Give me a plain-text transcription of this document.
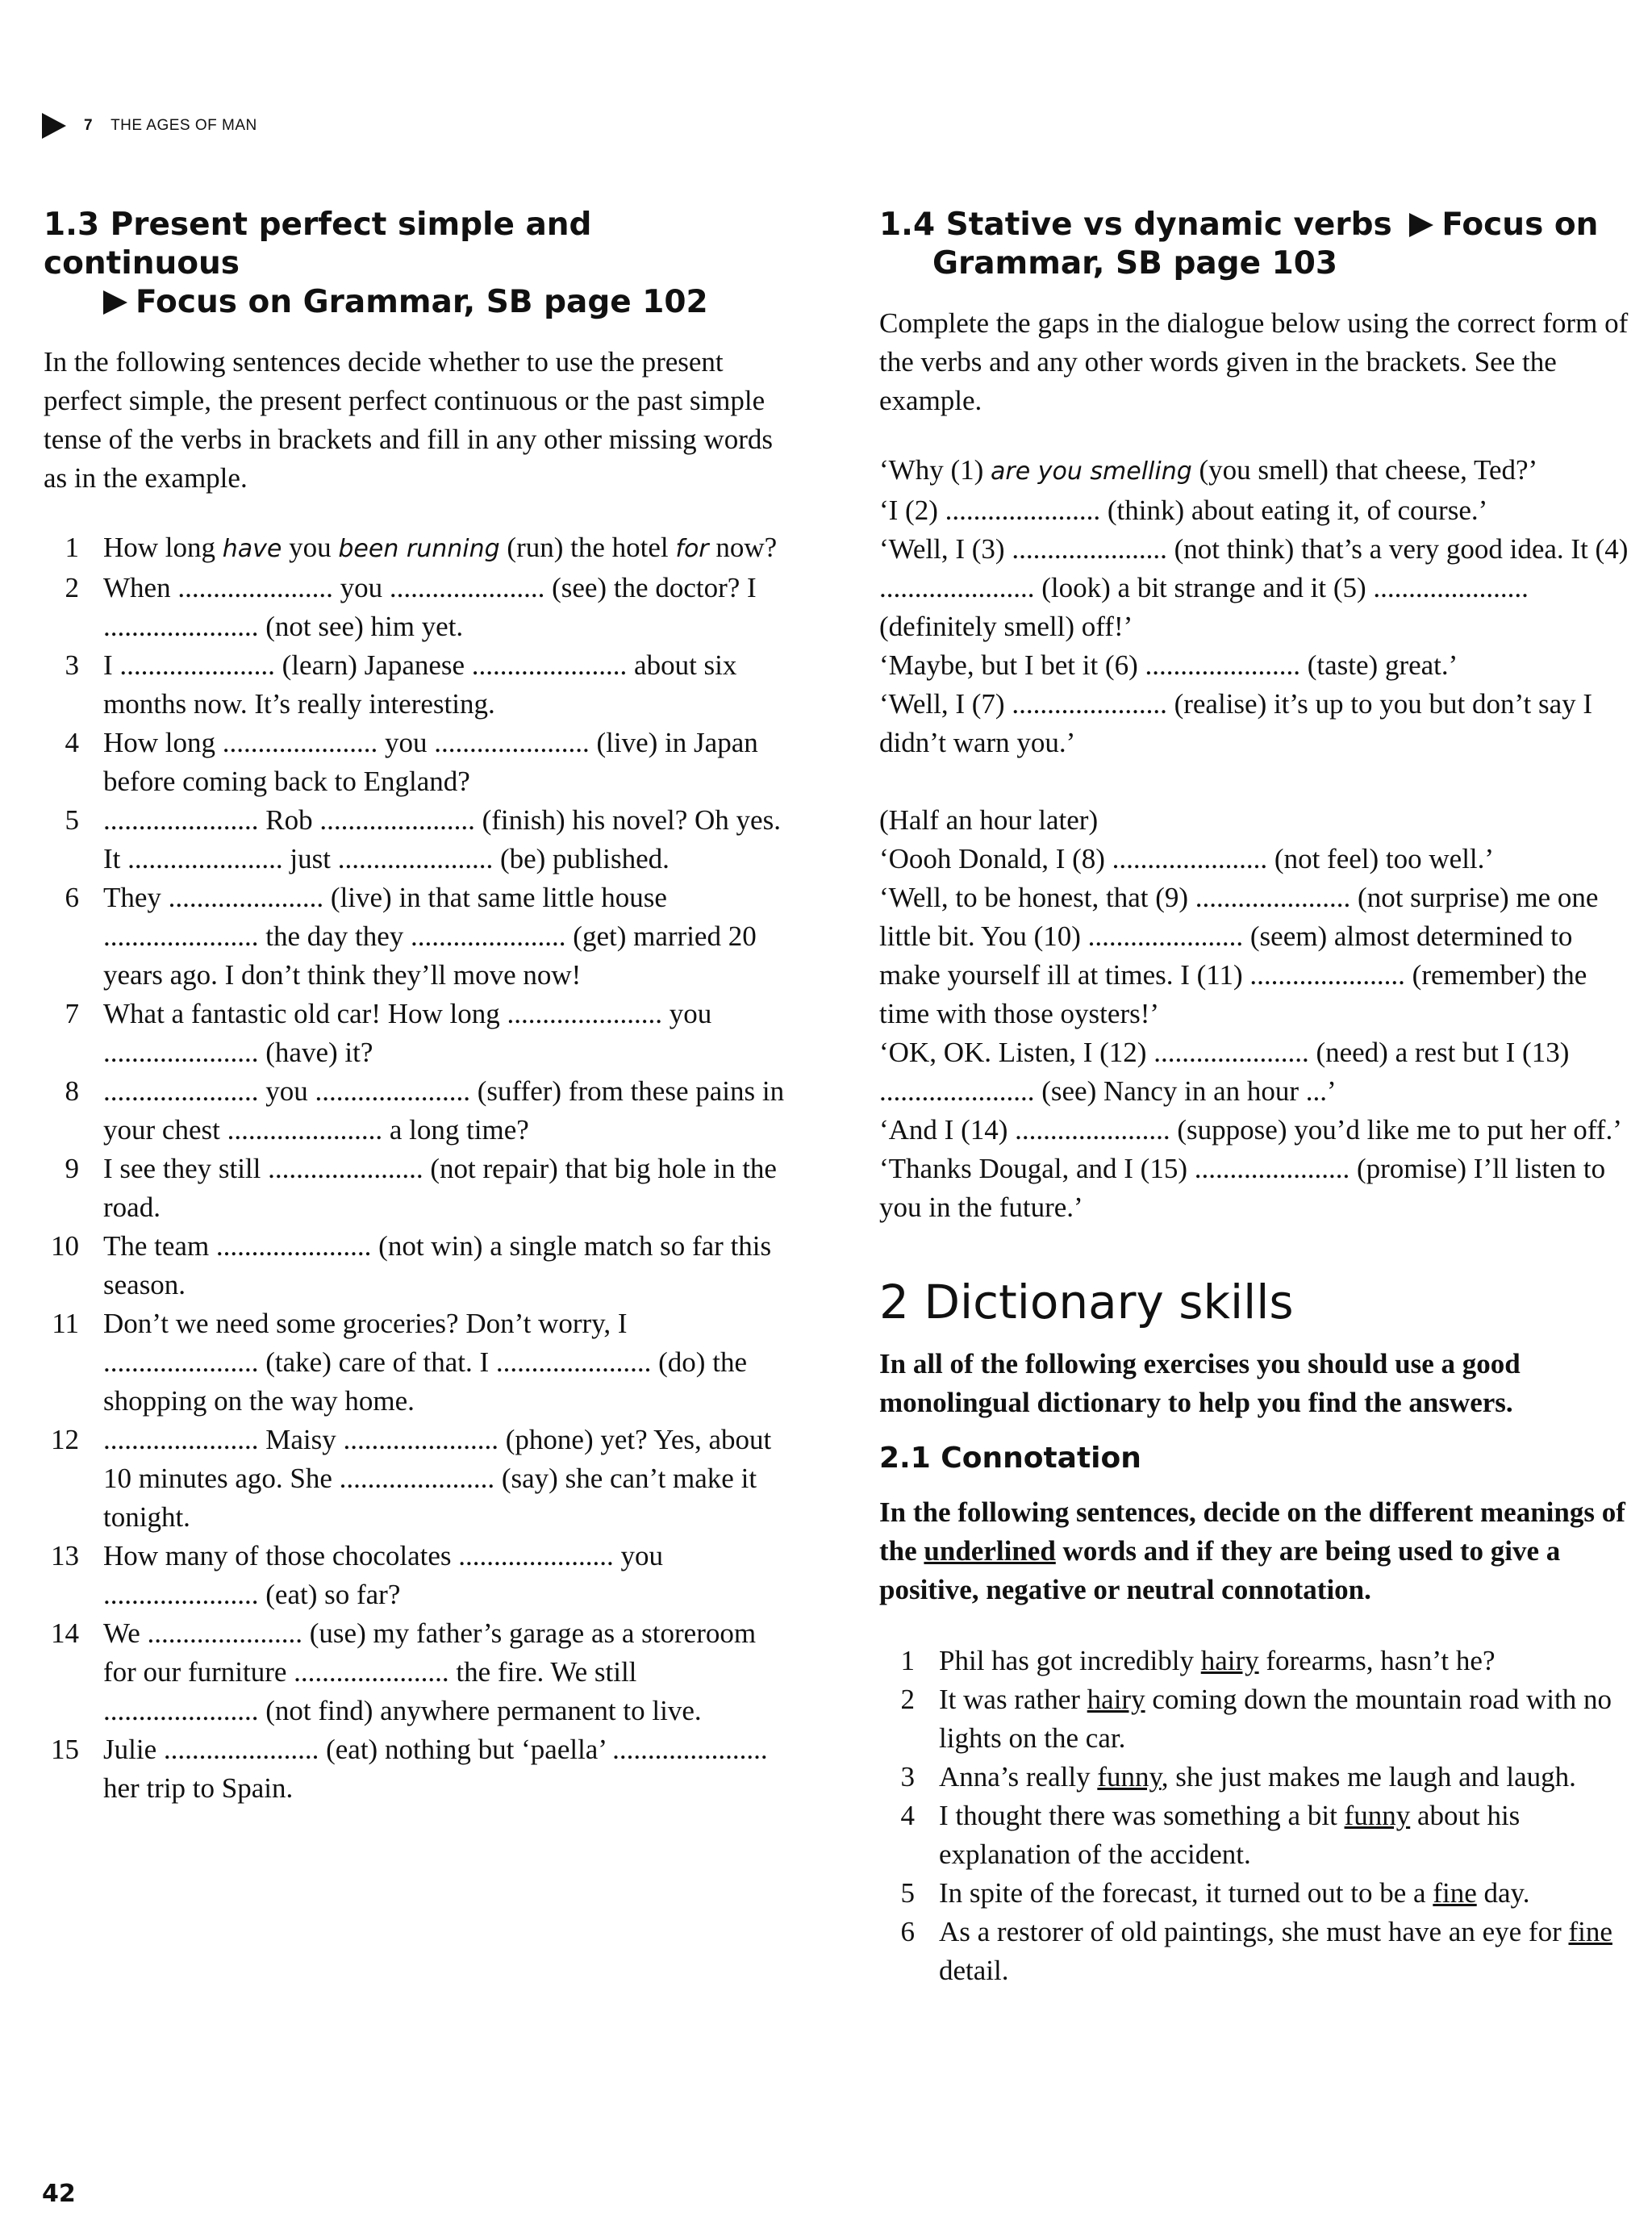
7 THE AGES OF MAN
1.3 Present perfect simple and continuous
Focus on Grammar, SB page 102

In the following sentences decide whether to use the present perfect simple, the present perfect continuous or the past simple tense of the verbs in brackets and fill in any other missing words as in the example.

1 How long have you been running (run) the hotel for now?
2 When ...................... you ...................... (see) the doctor? I ...................... (not see) him yet.
3 I ...................... (learn) Japanese ...................... about six months now. It’s really interesting.
4 How long ...................... you ...................... (live) in Japan before coming back to England?
5 ...................... Rob ...................... (finish) his novel? Oh yes. It ...................... just ...................... (be) published.
6 They ...................... (live) in that same little house ...................... the day they ...................... (get) married 20 years ago. I don’t think they’ll move now!
7 What a fantastic old car! How long ...................... you ...................... (have) it?
8 ...................... you ...................... (suffer) from these pains in your chest ...................... a long time?
9 I see they still ...................... (not repair) that big hole in the road.
10 The team ...................... (not win) a single match so far this season.
11 Don’t we need some groceries? Don’t worry, I ...................... (take) care of that. I ...................... (do) the shopping on the way home.
12 ...................... Maisy ...................... (phone) yet? Yes, about 10 minutes ago. She ...................... (say) she can’t make it tonight.
13 How many of those chocolates ...................... you ...................... (eat) so far?
14 We ...................... (use) my father’s garage as a storeroom for our furniture ...................... the fire. We still ...................... (not find) anywhere permanent to live.
15 Julie ...................... (eat) nothing but ‘paella’ ...................... her trip to Spain.
1.4 Stative vs dynamic verbs Focus on
Grammar, SB page 103

Complete the gaps in the dialogue below using the correct form of the verbs and any other words given in the brackets. See the example.

‘Why (1) are you smelling (you smell) that cheese, Ted?’

‘I (2) ...................... (think) about eating it, of course.’

‘Well, I (3) ...................... (not think) that’s a very good idea. It (4) ...................... (look) a bit strange and it (5) ...................... (definitely smell) off!’

‘Maybe, but I bet it (6) ...................... (taste) great.’

‘Well, I (7) ...................... (realise) it’s up to you but don’t say I didn’t warn you.’

(Half an hour later)

‘Oooh Donald, I (8) ...................... (not feel) too well.’

‘Well, to be honest, that (9) ...................... (not surprise) me one little bit. You (10) ...................... (seem) almost determined to make yourself ill at times. I (11) ...................... (remember) the time with those oysters!’

‘OK, OK. Listen, I (12) ...................... (need) a rest but I (13) ...................... (see) Nancy in an hour ...’

‘And I (14) ...................... (suppose) you’d like me to put her off.’

‘Thanks Dougal, and I (15) ...................... (promise) I’ll listen to you in the future.’

2 Dictionary skills

In all of the following exercises you should use a good monolingual dictionary to help you find the answers.

2.1 Connotation

In the following sentences, decide on the different meanings of the underlined words and if they are being used to give a positive, negative or neutral connotation.

1 Phil has got incredibly hairy forearms, hasn’t he?
2 It was rather hairy coming down the mountain road with no lights on the car.
3 Anna’s really funny, she just makes me laugh and laugh.
4 I thought there was something a bit funny about his explanation of the accident.
5 In spite of the forecast, it turned out to be a fine day.
6 As a restorer of old paintings, she must have an eye for fine detail.
42
